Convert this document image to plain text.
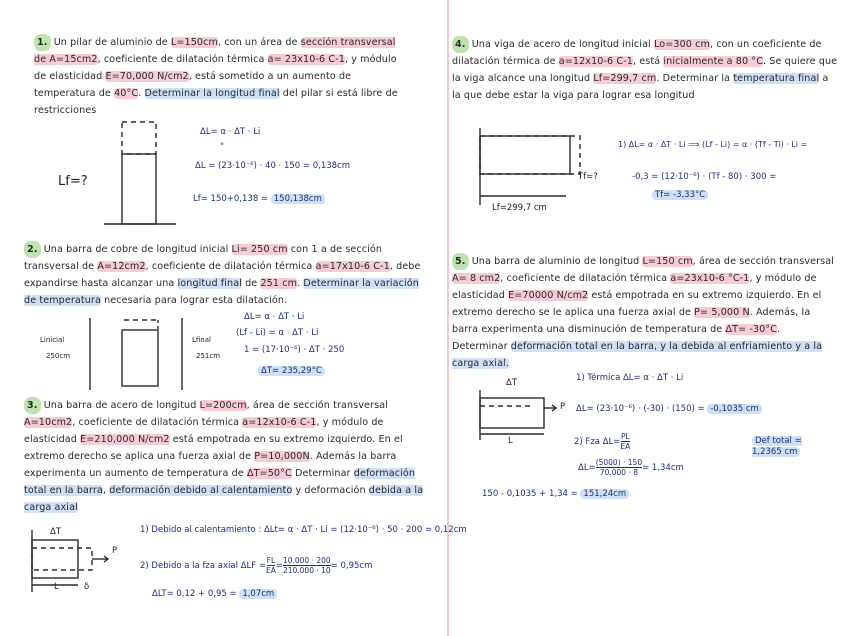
1. Un pilar de aluminio de L=150cm, con un área de sección transversal de A=15cm2, coeficiente de dilatación térmica a= 23x10-6 C-1, y módulo de elasticidad E=70,000 N/cm2, está sometido a un aumento de temperatura de 40°C. Determinar la longitud final del pilar si está libre de restricciones
2. Una barra de cobre de longitud inicial Li= 250 cm con 1 a de sección transversal de A=12cm2, coeficiente de dilatación térmica a=17x10-6 C-1, debe expandirse hasta alcanzar una longitud final de 251 cm. Determinar la variación de temperatura necesaria para lograr esta dilatación.
3. Una barra de acero de longitud L=200cm, área de sección transversal A=10cm2, coeficiente de dilatación térmica a=12x10-6 C-1, y módulo de elasticidad E=210,000 N/cm2 está empotrada en su extremo izquierdo. En el extremo derecho se aplica una fuerza axial de P=10,000N. Además la barra experimenta un aumento de temperatura de ΔT=50°C Determinar deformación total en la barra, deformación debido al calentamiento y deformación debida a la carga axial
4. Una viga de acero de longitud inicial Lo=300 cm, con un coeficiente de dilatación térmica de a=12x10-6 C-1, está inicialmente a 80 °C. Se quiere que la viga alcance una longitud Lf=299,7 cm. Determinar la temperatura final a la que debe estar la viga para lograr esa longitud
5. Una barra de aluminio de longitud L=150 cm, área de sección transversal A= 8 cm2, coeficiente de dilatación térmica a=23x10-6 °C-1, y módulo de elasticidad E=70000 N/cm2 está empotrada en su extremo izquierdo. En el extremo derecho se le aplica una fuerza axial de P= 5,000 N. Además, la barra experimenta una disminución de temperatura de ΔT= -30°C. Determinar deformación total en la barra, y la debida al enfriamiento y a la carga axial.
Lf=?
ΔL= α · ΔT · Li
"
ΔL = (23·10⁻⁶) · 40 · 150 = 0,138cm
Lf= 150+0,138 = 150,138cm
Linicial
250cm
Lfinal
251cm
ΔL= α · ΔT · Li
(Lf - Li) = α · ΔT · Li
1 = (17·10⁻⁶) · ΔT · 250
ΔT= 235,29°C
ΔT
P
L	δ
1) Debido al calentamiento : ΔLt= α · ΔT · Li = (12·10⁻⁶) · 50 · 200 = 0,12cm
2) Debido a la fza axial $\Delta LF = \frac{FL}{EA} = \frac{10.000 \cdot 200}{210.000 \cdot 10} = 0,95cm$
ΔLT= 0,12 + 0,95 = 1,07cm
Tf=?
Lf=299,7 cm
1) ΔL= α · ΔT · Li ⟹ (Lf - Li) = α · (Tf - Ti) · Li =
-0,3 = (12·10⁻⁶) · (Tf - 80) · 300 =
Tf= -3,33°C
ΔT
P
L
1) Térmica ΔL= α · ΔT · Li
ΔL= (23·10⁻⁶) · (-30) · (150) = -0,1035 cm
2) Fza $\Delta L= \frac{PL}{EA}$
$\Delta L= \frac{(5000) \cdot 150}{70.000 \cdot 8} = 1,34cm$
150 - 0,1035 + 1,34 = 151,24cm
Def total = 1,2365 cm
